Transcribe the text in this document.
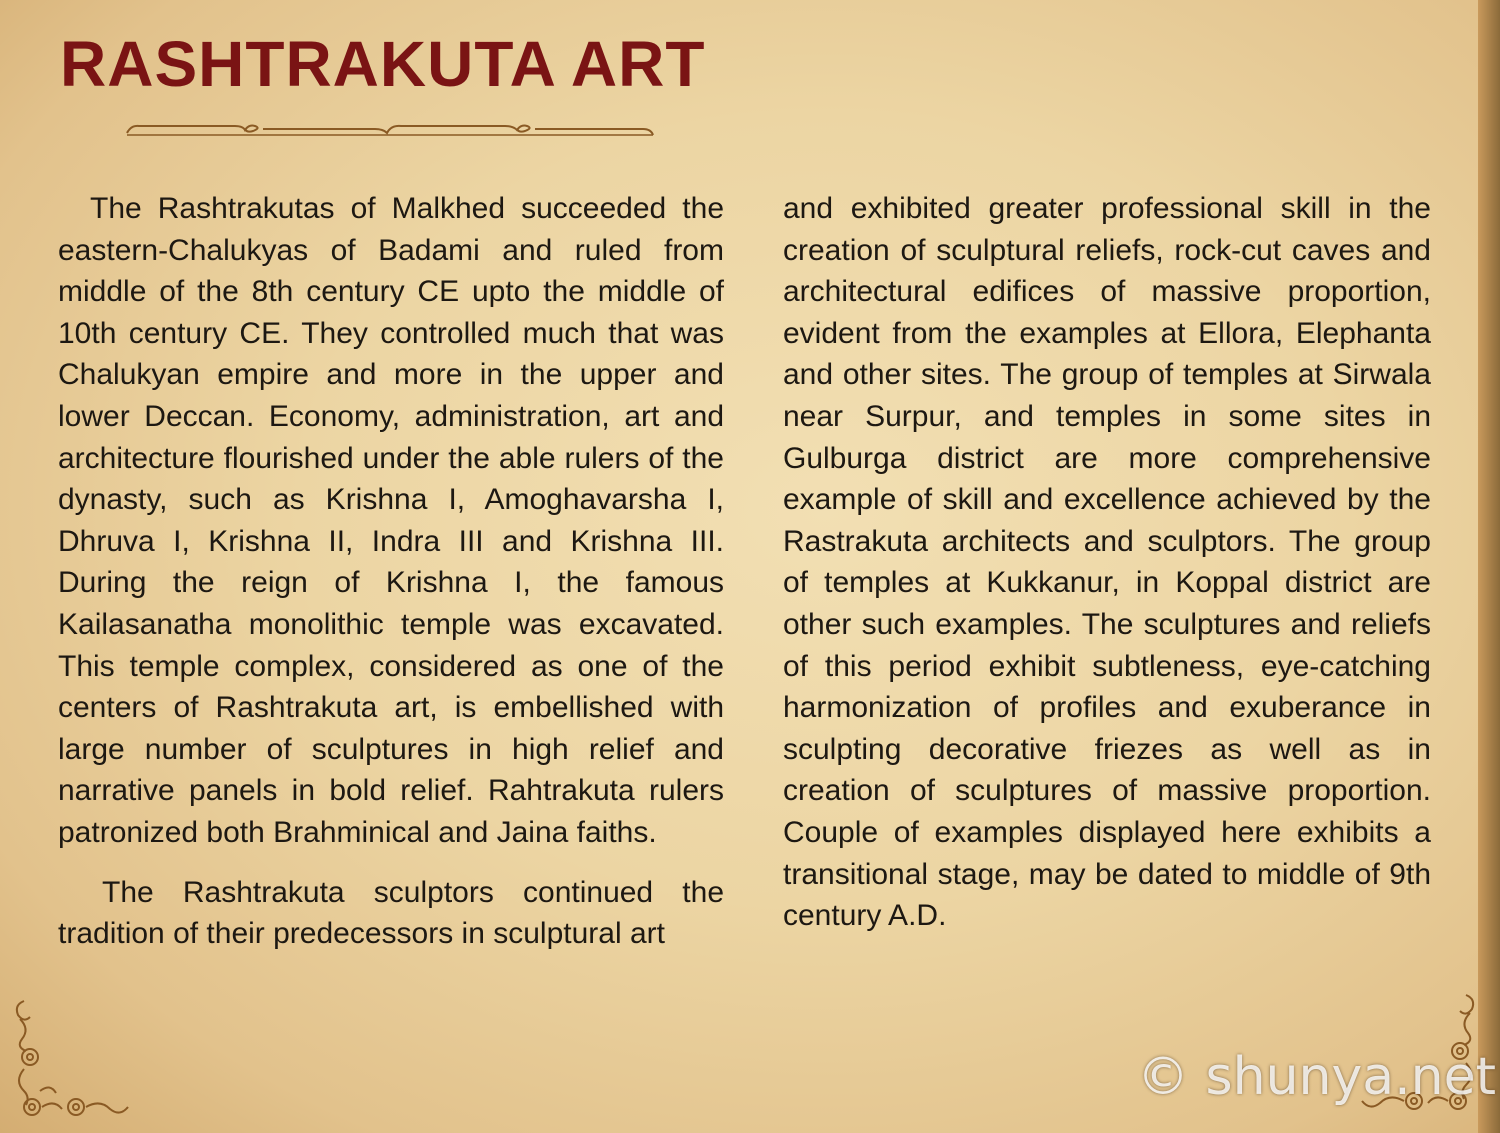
RASHTRAKUTA ART

The Rashtrakutas of Malkhed succeeded the eastern-Chalukyas of Badami and ruled from middle of the 8th century CE upto the middle of 10th century CE. They controlled much that was Chalukyan empire and more in the upper and lower Deccan. Economy, administration, art and architecture flourished under the able rulers of the dynasty, such as Krishna I, Amoghavarsha I, Dhruva I, Krishna II, Indra III and Krishna III. During the reign of Krishna I, the famous Kailasanatha monolithic temple was excavated. This temple complex, considered as one of the centers of Rashtrakuta art, is embellished with large number of sculptures in high relief and narrative panels in bold relief. Rahtrakuta rulers patronized both Brahminical and Jaina faiths.

The Rashtrakuta sculptors continued the tradition of their predecessors in sculptural art

and exhibited greater professional skill in the creation of sculptural reliefs, rock-cut caves and architectural edifices of massive proportion, evident from the examples at Ellora, Elephanta and other sites. The group of temples at Sirwala near Surpur, and temples in some sites in Gulburga district are more comprehensive example of skill and excellence achieved by the Rastrakuta architects and sculptors. The group of temples at Kukkanur, in Koppal district are other such examples. The sculptures and reliefs of this period exhibit subtleness, eye-catching harmonization of profiles and exuberance in sculpting decorative friezes as well as in creation of sculptures of massive proportion. Couple of examples displayed here exhibits a transitional stage, may be dated to middle of 9th century A.D.

© shunya.net
